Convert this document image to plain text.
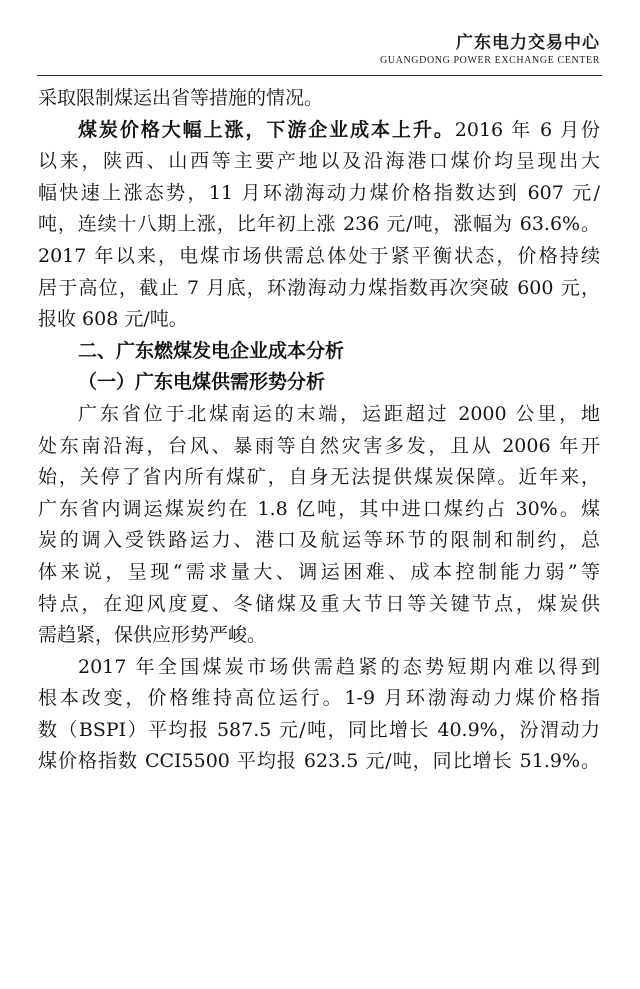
广东电力交易中心
GUANGDONG POWER EXCHANGE CENTER
采取限制煤运出省等措施的情况。
煤炭价格大幅上涨，下游企业成本上升。2016 年 6 月份
以来，陕西、山西等主要产地以及沿海港口煤价均呈现出大
幅快速上涨态势，11 月环渤海动力煤价格指数达到 607 元/
吨，连续十八期上涨，比年初上涨 236 元/吨，涨幅为 63.6%。
2017 年以来，电煤市场供需总体处于紧平衡状态，价格持续
居于高位，截止 7 月底，环渤海动力煤指数再次突破 600 元，
报收 608 元/吨。
二、广东燃煤发电企业成本分析
（一）广东电煤供需形势分析
广东省位于北煤南运的末端，运距超过 2000 公里，地
处东南沿海，台风、暴雨等自然灾害多发，且从 2006 年开
始，关停了省内所有煤矿，自身无法提供煤炭保障。近年来，
广东省内调运煤炭约在 1.8 亿吨，其中进口煤约占 30%。煤
炭的调入受铁路运力、港口及航运等环节的限制和制约，总
体来说，呈现“需求量大、调运困难、成本控制能力弱”等
特点，在迎风度夏、冬储煤及重大节日等关键节点，煤炭供
需趋紧，保供应形势严峻。
2017 年全国煤炭市场供需趋紧的态势短期内难以得到
根本改变，价格维持高位运行。1-9 月环渤海动力煤价格指
数（BSPI）平均报 587.5 元/吨，同比增长 40.9%，汾渭动力
煤价格指数 CCI5500 平均报 623.5 元/吨，同比增长 51.9%。
